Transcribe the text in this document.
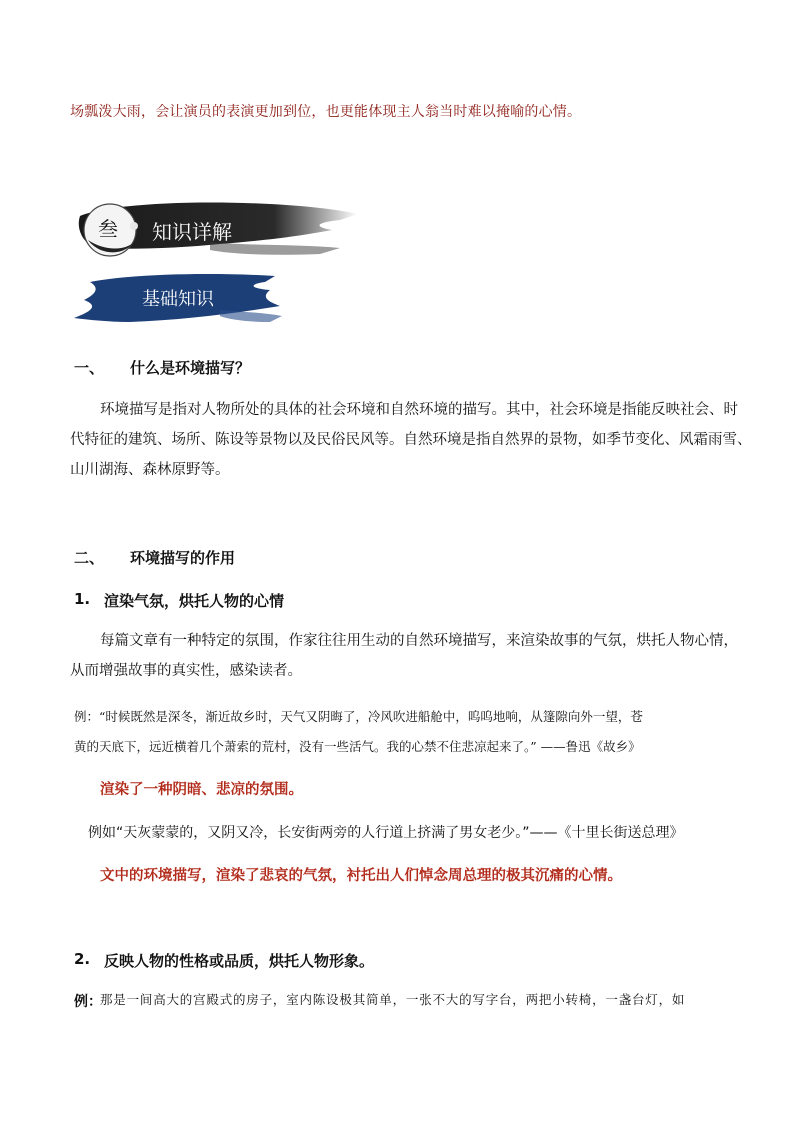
场瓢泼大雨，会让演员的表演更加到位，也更能体现主人翁当时难以掩喻的心情。
叁 知识详解
基础知识
一、 什么是环境描写？
环境描写是指对人物所处的具体的社会环境和自然环境的描写。其中，社会环境是指能反映社会、时
代特征的建筑、场所、陈设等景物以及民俗民风等。自然环境是指自然界的景物，如季节变化、风霜雨雪、
山川湖海、森林原野等。
二、 环境描写的作用
1. 渲染气氛，烘托人物的心情
每篇文章有一种特定的氛围，作家往往用生动的自然环境描写，来渲染故事的气氛，烘托人物心情，
从而增强故事的真实性，感染读者。
例：“时候既然是深冬，渐近故乡时，天气又阴晦了，冷风吹进船舱中，呜呜地响，从篷隙向外一望，苍
黄的天底下，远近横着几个萧索的荒村，没有一些活气。我的心禁不住悲凉起来了。” ——鲁迅《故乡》
渲染了一种阴暗、悲凉的氛围。
例如“天灰蒙蒙的，又阴又冷，长安街两旁的人行道上挤满了男女老少。”——《十里长街送总理》
文中的环境描写，渲染了悲哀的气氛，衬托出人们悼念周总理的极其沉痛的心情。
2. 反映人物的性格或品质，烘托人物形象。
例：
那是一间高大的宫殿式的房子，室内陈设极其简单，一张不大的写字台，两把小转椅，一盏台灯，如
